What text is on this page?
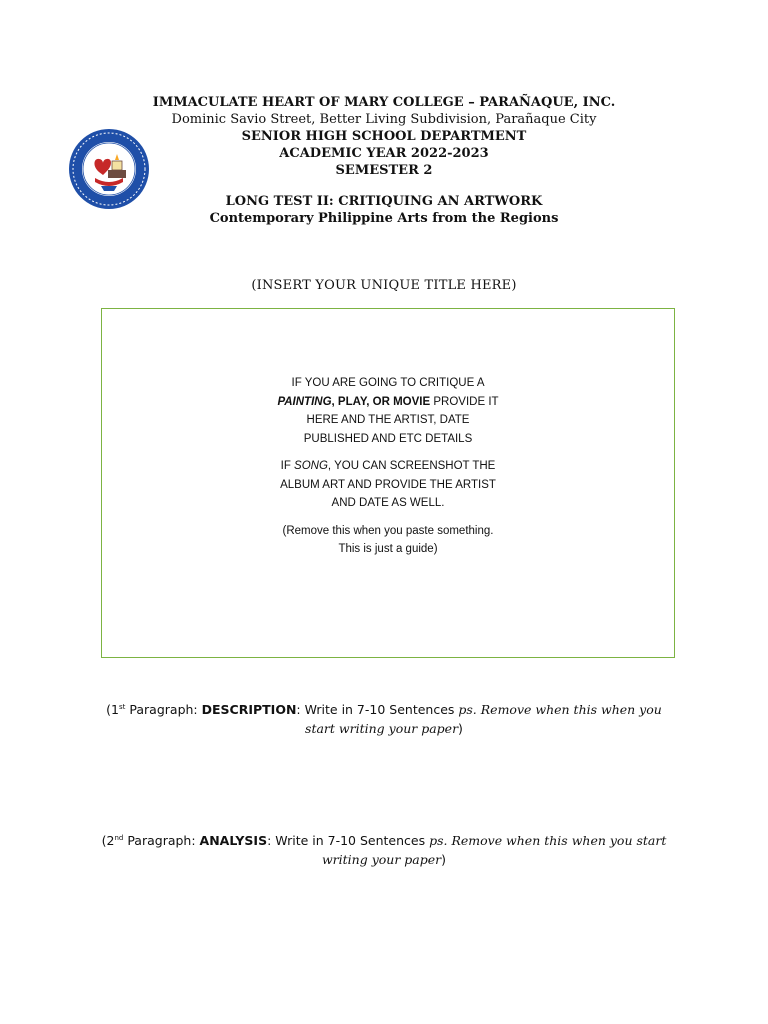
IMMACULATE HEART OF MARY COLLEGE – PARAÑAQUE, INC.
Dominic Savio Street, Better Living Subdivision, Parañaque City
SENIOR HIGH SCHOOL DEPARTMENT
ACADEMIC YEAR 2022-2023
SEMESTER 2
LONG TEST II: CRITIQUING AN ARTWORK
Contemporary Philippine Arts from the Regions
(INSERT YOUR UNIQUE TITLE HERE)

IF YOU ARE GOING TO CRITIQUE A PAINTING, PLAY, OR MOVIE PROVIDE IT HERE AND THE ARTIST, DATE PUBLISHED AND ETC DETAILS

IF SONG, YOU CAN SCREENSHOT THE ALBUM ART AND PROVIDE THE ARTIST AND DATE AS WELL.

(Remove this when you paste something. This is just a guide)

(1st Paragraph: DESCRIPTION: Write in 7-10 Sentences ps. Remove when this when you start writing your paper)
(2nd Paragraph: ANALYSIS: Write in 7-10 Sentences ps. Remove when this when you start writing your paper)
